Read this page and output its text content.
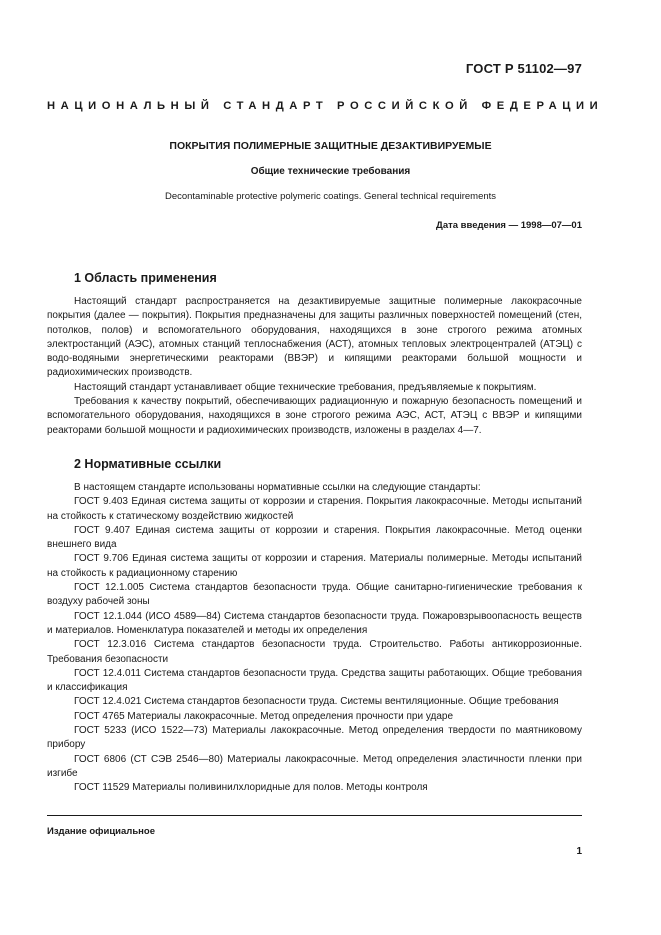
ГОСТ Р 51102—97
НАЦИОНАЛЬНЫЙ СТАНДАРТ РОССИЙСКОЙ ФЕДЕРАЦИИ
ПОКРЫТИЯ ПОЛИМЕРНЫЕ ЗАЩИТНЫЕ ДЕЗАКТИВИРУЕМЫЕ
Общие технические требования
Decontaminable protective polymeric coatings. General technical requirements
Дата введения — 1998—07—01
1 Область применения

Настоящий стандарт распространяется на дезактивируемые защитные полимерные лакокрасочные покрытия (далее — покрытия). Покрытия предназначены для защиты различных поверхностей помещений (стен, потолков, полов) и вспомогательного оборудования, находящихся в зоне строгого режима атомных электростанций (АЭС), атомных станций теплоснабжения (АСТ), атомных тепловых электроцентралей (АТЭЦ) с водо-водяными энергетическими реакторами (ВВЭР) и кипящими реакторами большой мощности и радиохимических производств.

Настоящий стандарт устанавливает общие технические требования, предъявляемые к покрытиям.

Требования к качеству покрытий, обеспечивающих радиационную и пожарную безопасность помещений и вспомогательного оборудования, находящихся в зоне строгого режима АЭС, АСТ, АТЭЦ с ВВЭР и кипящими реакторами большой мощности и радиохимических производств, изложены в разделах 4—7.

2 Нормативные ссылки

В настоящем стандарте использованы нормативные ссылки на следующие стандарты:

ГОСТ 9.403 Единая система защиты от коррозии и старения. Покрытия лакокрасочные. Методы испытаний на стойкость к статическому воздействию жидкостей

ГОСТ 9.407 Единая система защиты от коррозии и старения. Покрытия лакокрасочные. Метод оценки внешнего вида

ГОСТ 9.706 Единая система защиты от коррозии и старения. Материалы полимерные. Методы испытаний на стойкость к радиационному старению

ГОСТ 12.1.005 Система стандартов безопасности труда. Общие санитарно-гигиенические требования к воздуху рабочей зоны

ГОСТ 12.1.044 (ИСО 4589—84) Система стандартов безопасности труда. Пожаровзрывоопасность веществ и материалов. Номенклатура показателей и методы их определения

ГОСТ 12.3.016 Система стандартов безопасности труда. Строительство. Работы антикоррозионные. Требования безопасности

ГОСТ 12.4.011 Система стандартов безопасности труда. Средства защиты работающих. Общие требования и классификация

ГОСТ 12.4.021 Система стандартов безопасности труда. Системы вентиляционные. Общие требования

ГОСТ 4765 Материалы лакокрасочные. Метод определения прочности при ударе

ГОСТ 5233 (ИСО 1522—73) Материалы лакокрасочные. Метод определения твердости по маятниковому прибору

ГОСТ 6806 (СТ СЭВ 2546—80) Материалы лакокрасочные. Метод определения эластичности пленки при изгибе

ГОСТ 11529 Материалы поливинилхлоридные для полов. Методы контроля

Издание официальное
1
